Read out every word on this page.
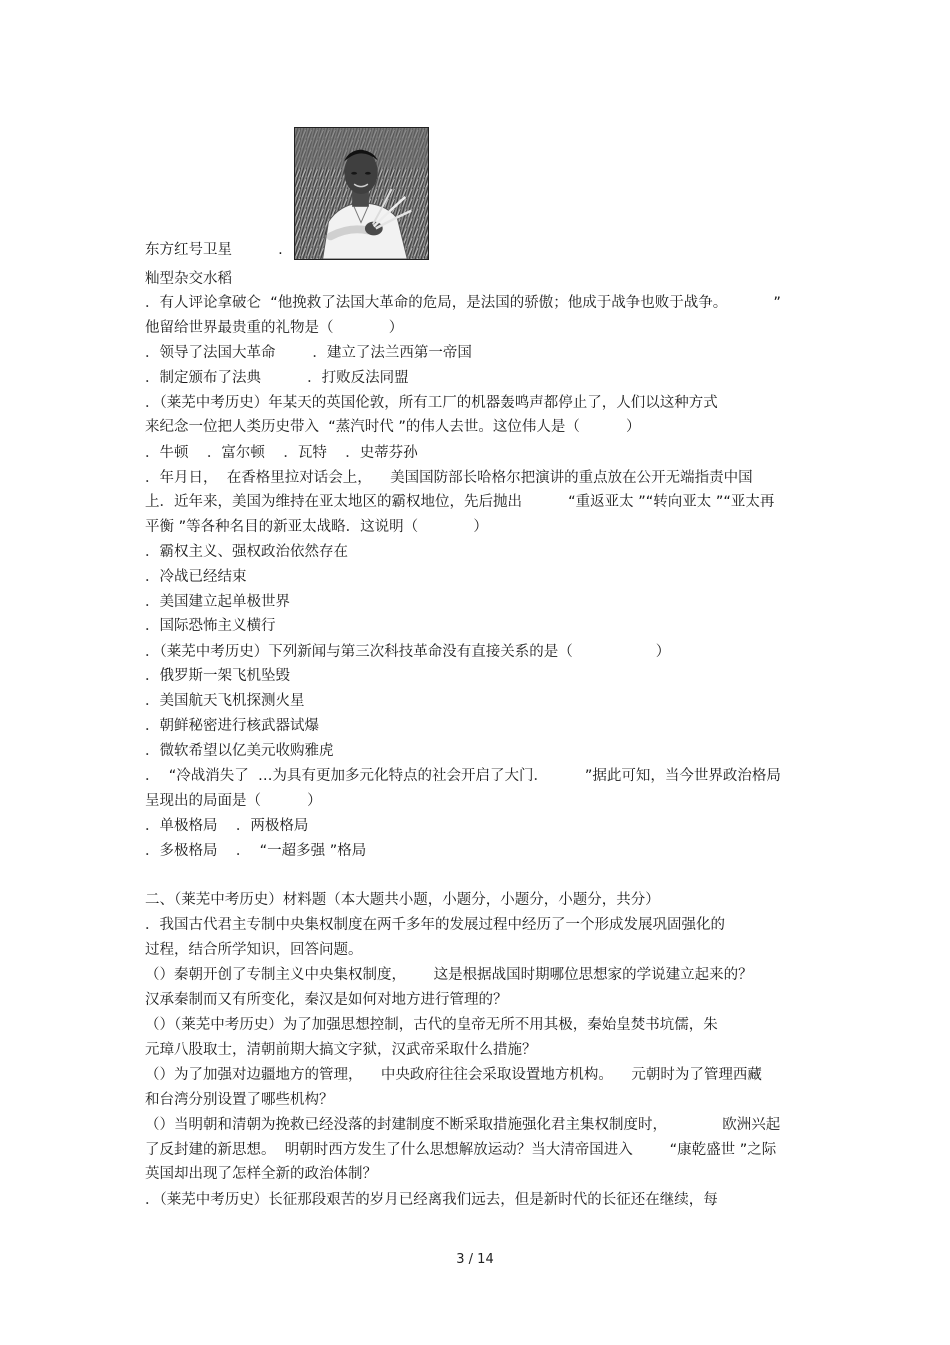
东方红号卫星          .
籼型杂交水稻
．有人评论拿破仑  “他挽救了法国大革命的危局，是法国的骄傲；他成于战争也败于战争。          ”
他留给世界最贵重的礼物是（            ）
．领导了法国大革命        ．建立了法兰西第一帝国
．制定颁布了法典          ．打败反法同盟
．（莱芜中考历史）年某天的英国伦敦，所有工厂的机器轰鸣声都停止了，人们以这种方式
来纪念一位把人类历史带入  “蒸汽时代 ”的伟人去世。这位伟人是（          ）
．牛顿    ．富尔顿    ．瓦特    ．史蒂芬孙
．年月日，  在香格里拉对话会上，    美国国防部长哈格尔把演讲的重点放在公开无端指责中国
上．近年来，美国为维持在亚太地区的霸权地位，先后抛出          “重返亚太 ”“转向亚太 ”“亚太再
平衡 ”等各种名目的新亚太战略．这说明（            ）
．霸权主义、强权政治依然存在
．冷战已经结束
．美国建立起单极世界
．国际恐怖主义横行
．（莱芜中考历史）下列新闻与第三次科技革命没有直接关系的是（                  ）
．俄罗斯一架飞机坠毁
．美国航天飞机探测火星
．朝鲜秘密进行核武器试爆
．微软希望以亿美元收购雅虎
．  “冷战消失了  …为具有更加多元化特点的社会开启了大门．        ”据此可知，当今世界政治格局
呈现出的局面是（          ）
．单极格局    ．两极格局
．多极格局    ．  “一超多强 ”格局
二、（莱芜中考历史）材料题（本大题共小题，小题分，小题分，小题分，共分）
．我国古代君主专制中央集权制度在两千多年的发展过程中经历了一个形成发展巩固强化的
过程，结合所学知识，回答问题。
（）秦朝开创了专制主义中央集权制度，      这是根据战国时期哪位思想家的学说建立起来的？
汉承秦制而又有所变化，秦汉是如何对地方进行管理的？
（）（莱芜中考历史）为了加强思想控制，古代的皇帝无所不用其极，秦始皇焚书坑儒，朱
元璋八股取士，清朝前期大搞文字狱，汉武帝采取什么措施？
（）为了加强对边疆地方的管理，    中央政府往往会采取设置地方机构。    元朝时为了管理西藏
和台湾分别设置了哪些机构？
（）当明朝和清朝为挽救已经没落的封建制度不断采取措施强化君主集权制度时，            欧洲兴起
了反封建的新思想。  明朝时西方发生了什么思想解放运动？当大清帝国进入        “康乾盛世 ”之际
英国却出现了怎样全新的政治体制？
．（莱芜中考历史）长征那段艰苦的岁月已经离我们远去，但是新时代的长征还在继续，每
3 / 14
